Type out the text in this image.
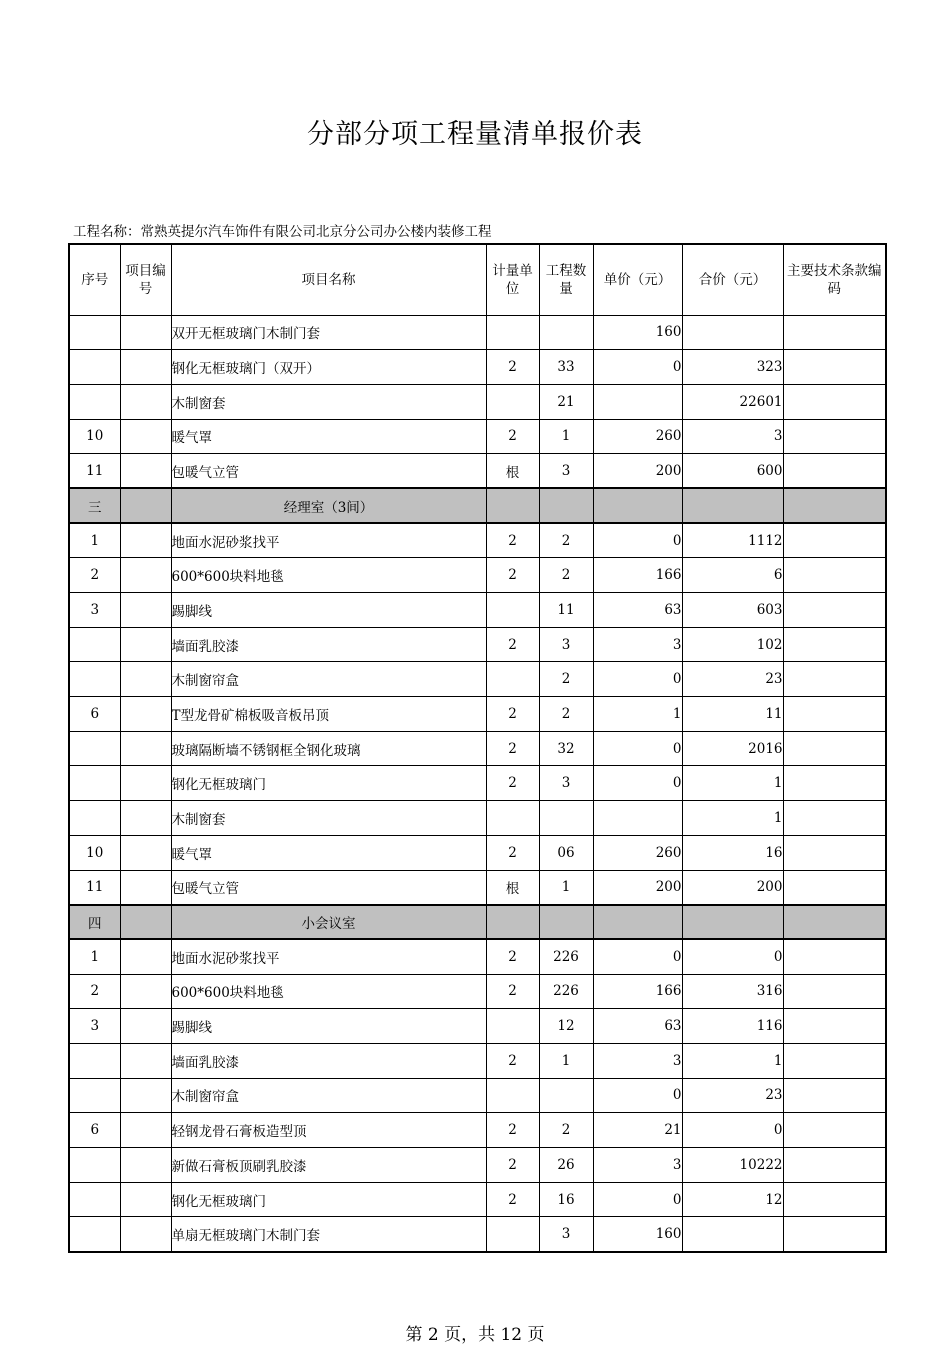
分部分项工程量清单报价表
工程名称：常熟英提尔汽车饰件有限公司北京分公司办公楼内装修工程
序号	项目编号	项目名称	计量单位	工程数量	单价（元）	合价（元）	主要技术条款编码
		双开无框玻璃门木制门套			160		
		钢化无框玻璃门（双开）	2	33	0	323	
		木制窗套		21		22601	
10		暖气罩	2	1	260	3	
11		包暖气立管	根	3	200	600	
三		经理室（3间）					
1		地面水泥砂浆找平	2	2	0	1112	
2		600*600块料地毯	2	2	166	6	
3		踢脚线		11	63	603	
		墙面乳胶漆	2	3	3	102	
		木制窗帘盒		2	0	23	
6		T型龙骨矿棉板吸音板吊顶	2	2	1	11	
		玻璃隔断墙不锈钢框全钢化玻璃	2	32	0	2016	
		钢化无框玻璃门	2	3	0	1	
		木制窗套				1	
10		暖气罩	2	06	260	16	
11		包暖气立管	根	1	200	200	
四		小会议室					
1		地面水泥砂浆找平	2	226	0	0	
2		600*600块料地毯	2	226	166	316	
3		踢脚线		12	63	116	
		墙面乳胶漆	2	1	3	1	
		木制窗帘盒			0	23	
6		轻钢龙骨石膏板造型顶	2	2	21	0	
		新做石膏板顶刷乳胶漆	2	26	3	10222	
		钢化无框玻璃门	2	16	0	12	
		单扇无框玻璃门木制门套		3	160		
第 2 页，共 12 页
